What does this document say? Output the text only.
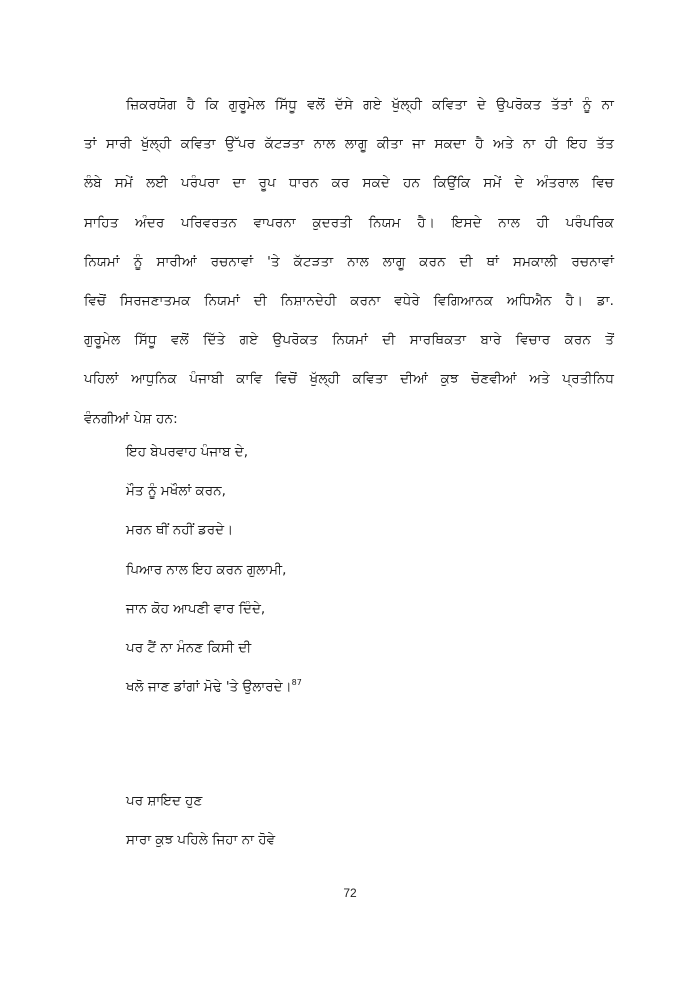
ਜ਼ਿਕਰਯੋਗ ਹੈ ਕਿ ਗੁਰੂਮੇਲ ਸਿੱਧੂ ਵਲੋਂ ਦੱਸੇ ਗਏ ਖੁੱਲ੍ਹੀ ਕਵਿਤਾ ਦੇ ਉਪਰੋਕਤ ਤੱਤਾਂ ਨੂੰ ਨਾ
ਤਾਂ ਸਾਰੀ ਖੁੱਲ੍ਹੀ ਕਵਿਤਾ ਉੱਪਰ ਕੱਟੜਤਾ ਨਾਲ ਲਾਗੂ ਕੀਤਾ ਜਾ ਸਕਦਾ ਹੈ ਅਤੇ ਨਾ ਹੀ ਇਹ ਤੱਤ
ਲੰਬੇ ਸਮੇਂ ਲਈ ਪਰੰਪਰਾ ਦਾ ਰੂਪ ਧਾਰਨ ਕਰ ਸਕਦੇ ਹਨ ਕਿਉਂਕਿ ਸਮੇਂ ਦੇ ਅੰਤਰਾਲ ਵਿਚ
ਸਾਹਿਤ ਅੰਦਰ ਪਰਿਵਰਤਨ ਵਾਪਰਨਾ ਕੁਦਰਤੀ ਨਿਯਮ ਹੈ। ਇਸਦੇ ਨਾਲ ਹੀ ਪਰੰਪਰਿਕ
ਨਿਯਮਾਂ ਨੂੰ ਸਾਰੀਆਂ ਰਚਨਾਵਾਂ 'ਤੇ ਕੱਟੜਤਾ ਨਾਲ ਲਾਗੂ ਕਰਨ ਦੀ ਥਾਂ ਸਮਕਾਲੀ ਰਚਨਾਵਾਂ
ਵਿਚੋਂ ਸਿਰਜਣਾਤਮਕ ਨਿਯਮਾਂ ਦੀ ਨਿਸ਼ਾਨਦੇਹੀ ਕਰਨਾ ਵਧੇਰੇ ਵਿਗਿਆਨਕ ਅਧਿਐਨ ਹੈ। ਡਾ.
ਗੁਰੂਮੇਲ ਸਿੱਧੂ ਵਲੋਂ ਦਿੱਤੇ ਗਏ ਉਪਰੋਕਤ ਨਿਯਮਾਂ ਦੀ ਸਾਰਥਿਕਤਾ ਬਾਰੇ ਵਿਚਾਰ ਕਰਨ ਤੋਂ
ਪਹਿਲਾਂ ਆਧੁਨਿਕ ਪੰਜਾਬੀ ਕਾਵਿ ਵਿਚੋਂ ਖੁੱਲ੍ਹੀ ਕਵਿਤਾ ਦੀਆਂ ਕੁਝ ਚੋਣਵੀਆਂ ਅਤੇ ਪ੍ਰਤੀਨਿਧ
ਵੰਨਗੀਆਂ ਪੇਸ਼ ਹਨ:
ਇਹ ਬੇਪਰਵਾਹ ਪੰਜਾਬ ਦੇ,
ਮੌਤ ਨੂੰ ਮਖੌਲਾਂ ਕਰਨ,
ਮਰਨ ਥੀਂ ਨਹੀਂ ਡਰਦੇ।
ਪਿਆਰ ਨਾਲ ਇਹ ਕਰਨ ਗੁਲਾਮੀ,
ਜਾਨ ਕੋਹ ਆਪਣੀ ਵਾਰ ਦਿੰਦੇ,
ਪਰ ਟੈਂ ਨਾ ਮੰਨਣ ਕਿਸੀ ਦੀ
ਖਲੋ ਜਾਣ ਡਾਂਗਾਂ ਮੋਢੇ 'ਤੇ ਉਲਾਰਦੇ।$^{87}$
ਪਰ ਸ਼ਾਇਦ ਹੁਣ
ਸਾਰਾ ਕੁਝ ਪਹਿਲੇ ਜਿਹਾ ਨਾ ਹੋਵੇ
72
